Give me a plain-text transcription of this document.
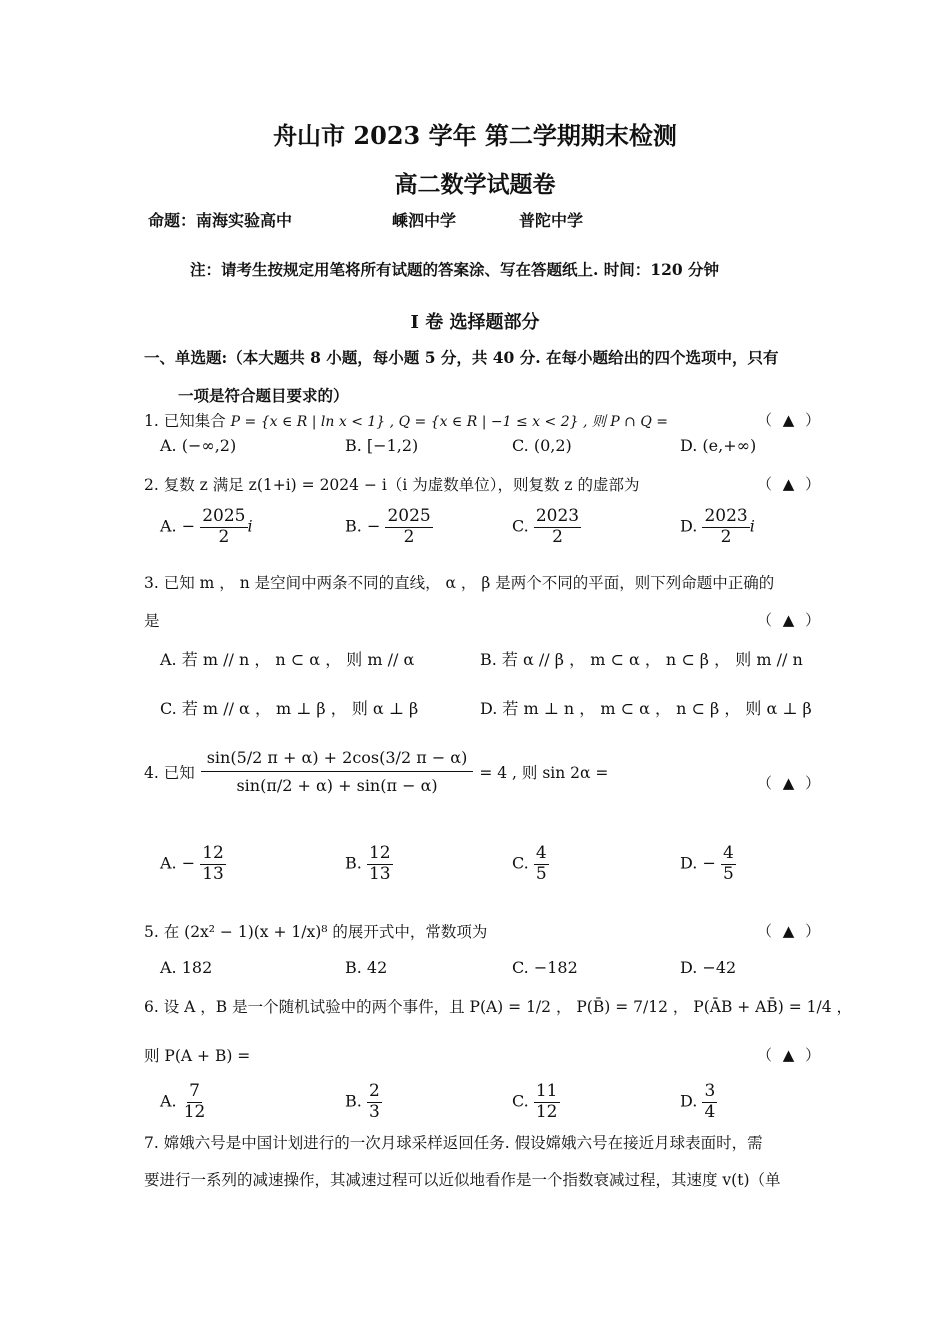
舟山市 2023 学年 第二学期期末检测
高二数学试题卷
命题：南海实验高中	嵊泗中学	普陀中学
注：请考生按规定用笔将所有试题的答案涂、写在答题纸上. 时间：120 分钟
I 卷 选择题部分
一、单选题:（本大题共 8 小题，每小题 5 分，共 40 分. 在每小题给出的四个选项中，只有
一项是符合题目要求的）
1. 已知集合 P = {x ∈ R | ln x < 1} , Q = {x ∈ R | −1 ≤ x < 2} , 则 P ∩ Q =	（ ▲ ）
A. (−∞,2)	B. [−1,2)	C. (0,2)	D. (e,+∞)
2. 复数 z 满足 z(1+i) = 2024 − i（i 为虚数单位），则复数 z 的虚部为	（ ▲ ）
A. − $\frac{2025}{2}$ i	B. − $\frac{2025}{2}$	C. $\frac{2023}{2}$	D. $\frac{2023}{2}$ i
3. 已知 m ， n 是空间中两条不同的直线， α ， β 是两个不同的平面，则下列命题中正确的
是	（ ▲ ）
A. 若 m // n ， n ⊂ α ， 则 m // α	B. 若 α // β ， m ⊂ α ， n ⊂ β ， 则 m // n
C. 若 m // α ， m ⊥ β ， 则 α ⊥ β	D. 若 m ⊥ n ， m ⊂ α ， n ⊂ β ， 则 α ⊥ β
4. 已知 $\frac{\sin(5/2 \pi + \alpha) + 2\cos(3/2 \pi - \alpha)}{\sin(\pi/2 + \alpha) + \sin(\pi - \alpha)} = 4$ , 则 sin 2α =
（ ▲ ）
A. − $\frac{12}{13}$	B. $\frac{12}{13}$	C. $\frac{4}{5}$	D. − $\frac{4}{5}$
5. 在 (2x² − 1)(x + 1/x)⁸ 的展开式中，常数项为	（ ▲ ）
A. 182	B. 42	C. −182	D. −42
6. 设 A ，B 是一个随机试验中的两个事件，且 P(A) = 1/2 ， P(B̄) = 7/12 ， P(ĀB + AB̄) = 1/4 ，
则 P(A + B) =	（ ▲ ）
A. $\frac{7}{12}$	B. $\frac{2}{3}$	C. $\frac{11}{12}$	D. $\frac{3}{4}$
7. 嫦娥六号是中国计划进行的一次月球采样返回任务. 假设嫦娥六号在接近月球表面时，需
要进行一系列的减速操作，其减速过程可以近似地看作是一个指数衰减过程，其速度 v(t)（单
